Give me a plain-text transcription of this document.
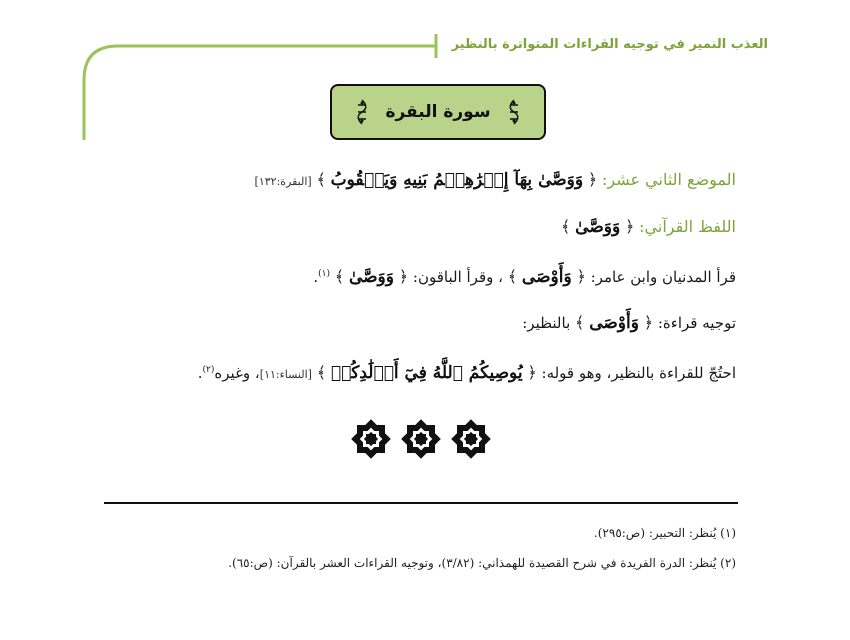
العذب النمير في توجيه القراءات المتواترة بالنظير
سورة البقرة
الموضع الثاني عشر: ﴿ وَوَصَّىٰ بِهَآ إِبۡرَٰهِـۧمُ بَنِيهِ وَيَعۡقُوبُ ﴾ [البقرة:١٣٢]
اللفظ القرآني: ﴿ وَوَصَّىٰ ﴾
قرأ المدنيان وابن عامر: ﴿ وَأَوْصَى ﴾ ، وقرأ الباقون: ﴿ وَوَصَّىٰ ﴾ $^{(١)}$.
توجيه قراءة: ﴿ وَأَوْصَى ﴾ بالنظير:
احتُجّ للقراءة بالنظير، وهو قوله: ﴿ يُوصِيكُمُ ٱللَّهُ فِيٓ أَوۡلَٰدِكُمۡ ﴾ [النساء:١١]، وغيره$^{(٢)}$.
(١) يُنظر: التحبير: (ص:٢٩٥).
(٢) يُنظر: الدرة الفريدة في شرح القصيدة للهمذاني: (٣/٨٢)، وتوجيه القراءات العشر بالقرآن: (ص:٦٥).
